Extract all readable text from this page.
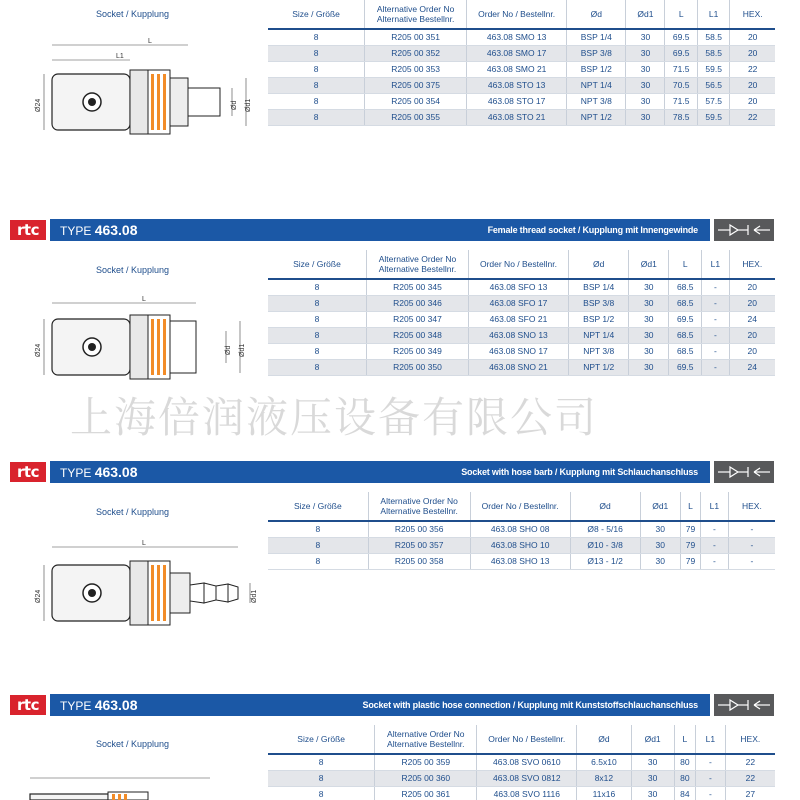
Socket / Kupplung
L
L1
Ø24	Ød Ød1
Size / Größe	Alternative Order No Alternative Bestellnr.	Order No / Bestellnr.	Ød	Ød1	L	L1	HEX.
8	R205 00 351	463.08 SMO 13	BSP 1/4	30	69.5	58.5	20
8	R205 00 352	463.08 SMO 17	BSP 3/8	30	69.5	58.5	20
8	R205 00 353	463.08 SMO 21	BSP 1/2	30	71.5	59.5	22
8	R205 00 375	463.08 STO 13	NPT 1/4	30	70.5	56.5	20
8	R205 00 354	463.08 STO 17	NPT 3/8	30	71.5	57.5	20
8	R205 00 355	463.08 STO 21	NPT 1/2	30	78.5	59.5	22
rtc	TYPE 463.08	Female thread socket / Kupplung mit Innengewinde
Socket / Kupplung
L
Ø24	Ød Ød1
Size / Größe	Alternative Order No Alternative Bestellnr.	Order No / Bestellnr.	Ød	Ød1	L	L1	HEX.
8	R205 00 345	463.08 SFO 13	BSP 1/4	30	68.5	-	20
8	R205 00 346	463.08 SFO 17	BSP 3/8	30	68.5	-	20
8	R205 00 347	463.08 SFO 21	BSP 1/2	30	69.5	-	24
8	R205 00 348	463.08 SNO 13	NPT 1/4	30	68.5	-	20
8	R205 00 349	463.08 SNO 17	NPT 3/8	30	68.5	-	20
8	R205 00 350	463.08 SNO 21	NPT 1/2	30	69.5	-	24
上海倍润液压设备有限公司
rtc	TYPE 463.08	Socket with hose barb / Kupplung mit Schlauchanschluss
Socket / Kupplung
L
Ø24	Ød1
Size / Größe	Alternative Order No Alternative Bestellnr.	Order No / Bestellnr.	Ød	Ød1	L	L1	HEX.
8	R205 00 356	463.08 SHO 08	Ø8 - 5/16	30	79	-	-
8	R205 00 357	463.08 SHO 10	Ø10 - 3/8	30	79	-	-
8	R205 00 358	463.08 SHO 13	Ø13 - 1/2	30	79	-	-
rtc	TYPE 463.08	Socket with plastic hose connection / Kupplung mit Kunststoffschlauchanschluss
Socket / Kupplung	Size / Größe	Alternative Order No Alternative Bestellnr.	Order No / Bestellnr.	Ød	Ød1	L	L1	HEX.
8	R205 00 359	463.08 SVO 0610	6.5x10	30	80	-	22
8	R205 00 360	463.08 SVO 0812	8x12	30	80	-	22
8	R205 00 361	463.08 SVO 1116	11x16	30	84	-	27
